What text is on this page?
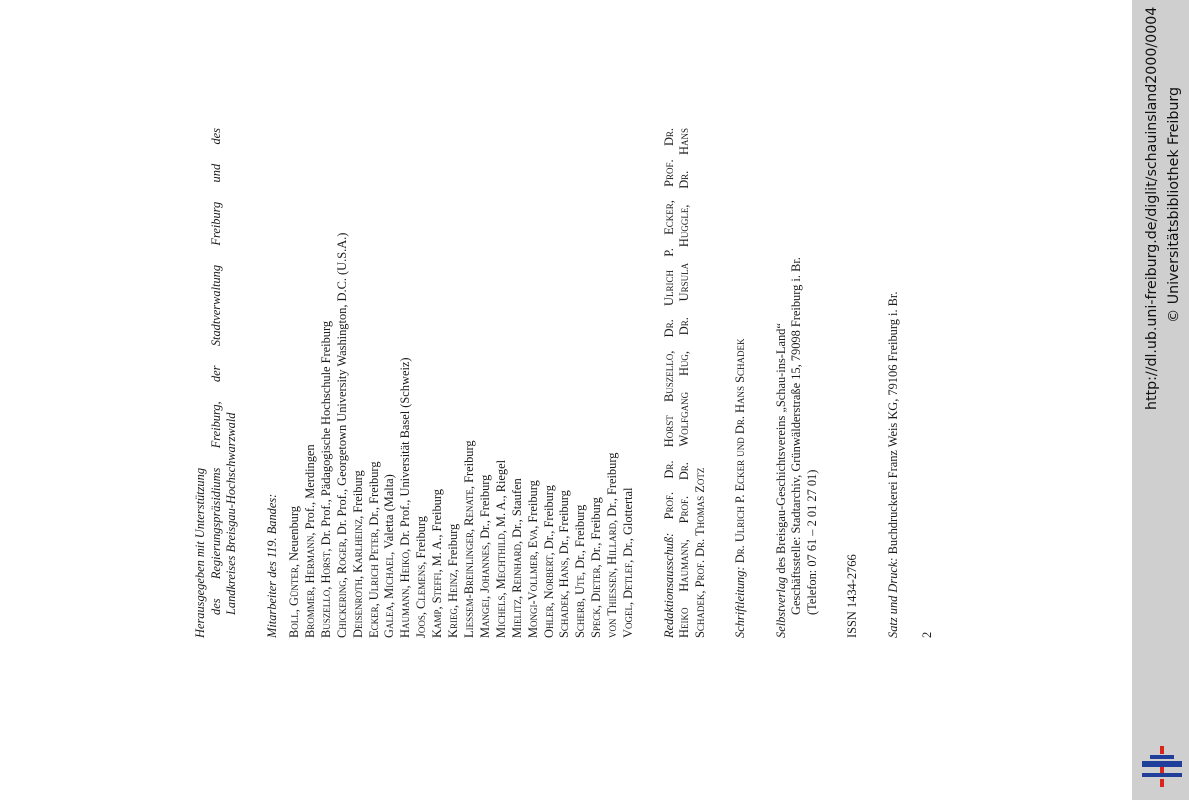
Herausgegeben mit Unterstützung des Regierungspräsidiums Freiburg, der Stadtverwaltung Freiburg und des Landkreises Breisgau-Hochschwarzwald Mitarbeiter des 119. Bandes: Boll, Günter, Neuenburg Brommer, Hermann, Prof., Merdingen
Buszello, Horst, Dr. Prof., Pädagogische Hochschule Freiburg
Chickering, Roger, Dr. Prof., Georgetown University Washington, D.C. (U.S.A.)
Deisenroth, Karlheinz, Freiburg
Ecker, Ulrich Peter, Dr., Freiburg
Galea, Michael, Valetta (Malta)
Haumann, Heiko, Dr. Prof., Universität Basel (Schweiz)
Joos, Clemens, Freiburg
Kamp, Steffi, M. A., Freiburg
Krieg, Heinz, Freiburg Liessem-Breinlinger, Renate, Freiburg
Mangei, Johannes, Dr., Freiburg
Michels, Mechthild, M. A., Riegel
Mielitz, Reinhard, Dr., Staufen
Mongi-Vollmer, Eva, Freiburg
Ohler, Norbert, Dr., Freiburg
Schadek, Hans, Dr., Freiburg
Scherb, Ute, Dr., Freiburg
Speck, Dieter, Dr., Freiburg von Thiessen, Hillard, Dr., Freiburg
Vogel, Detlef, Dr., Glottertal
Redaktionsausschuß: Prof. Dr. Horst Buszello, Dr. Ulrich P. Ecker, Prof. Dr. Heiko Haumann, Prof. Dr. Wolfgang Hug, Dr. Ursula Huggle, Dr. Hans Schadek, Prof. Dr. Thomas Zotz Schriftleitung: Dr. Ulrich P. Ecker und Dr. Hans Schadek
Selbstverlag des Breisgau-Geschichtsvereins „Schau-ins-Land“ Geschäftsstelle: Stadtarchiv, Grünwälderstraße 15, 79098 Freiburg i. Br. (Telefon: 07 61 – 2 01 27 01) ISSN 1434-2766 Satz und Druck: Buchdruckerei Franz Weis KG, 79106 Freiburg i. Br.
2
http://dl.ub.uni-freiburg.de/diglit/schauinsland2000/0004 © Universitätsbibliothek Freiburg
